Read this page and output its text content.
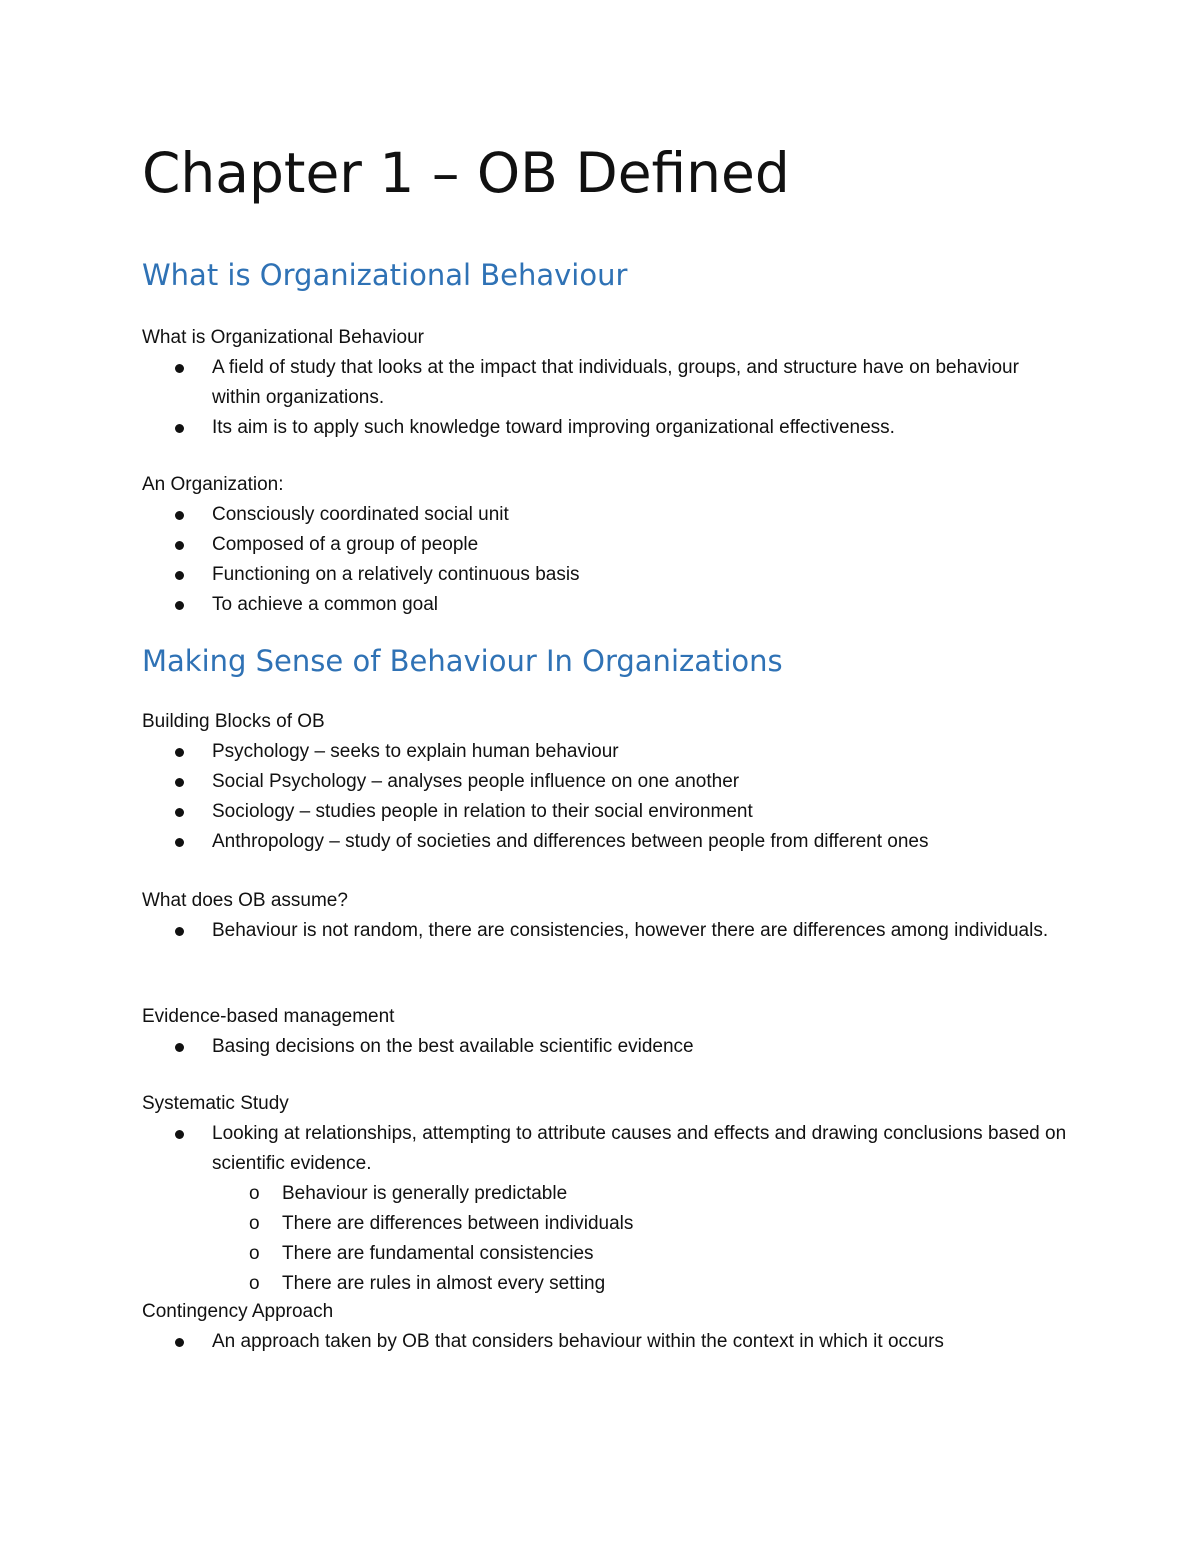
Chapter 1 – OB Defined
What is Organizational Behaviour
What is Organizational Behaviour
A field of study that looks at the impact that individuals, groups, and structure have on behaviour within organizations.
Its aim is to apply such knowledge toward improving organizational effectiveness.
An Organization:
Consciously coordinated social unit
Composed of a group of people
Functioning on a relatively continuous basis
To achieve a common goal
Making Sense of Behaviour In Organizations
Building Blocks of OB
Psychology – seeks to explain human behaviour
Social Psychology – analyses people influence on one another
Sociology – studies people in relation to their social environment
Anthropology – study of societies and differences between people from different ones
What does OB assume?
Behaviour is not random, there are consistencies, however there are differences among individuals.
Evidence-based management
Basing decisions on the best available scientific evidence
Systematic Study
Looking at relationships, attempting to attribute causes and effects and drawing conclusions based on scientific evidence.
o Behaviour is generally predictable
o There are differences between individuals
o There are fundamental consistencies
o There are rules in almost every setting
Contingency Approach
An approach taken by OB that considers behaviour within the context in which it occurs
